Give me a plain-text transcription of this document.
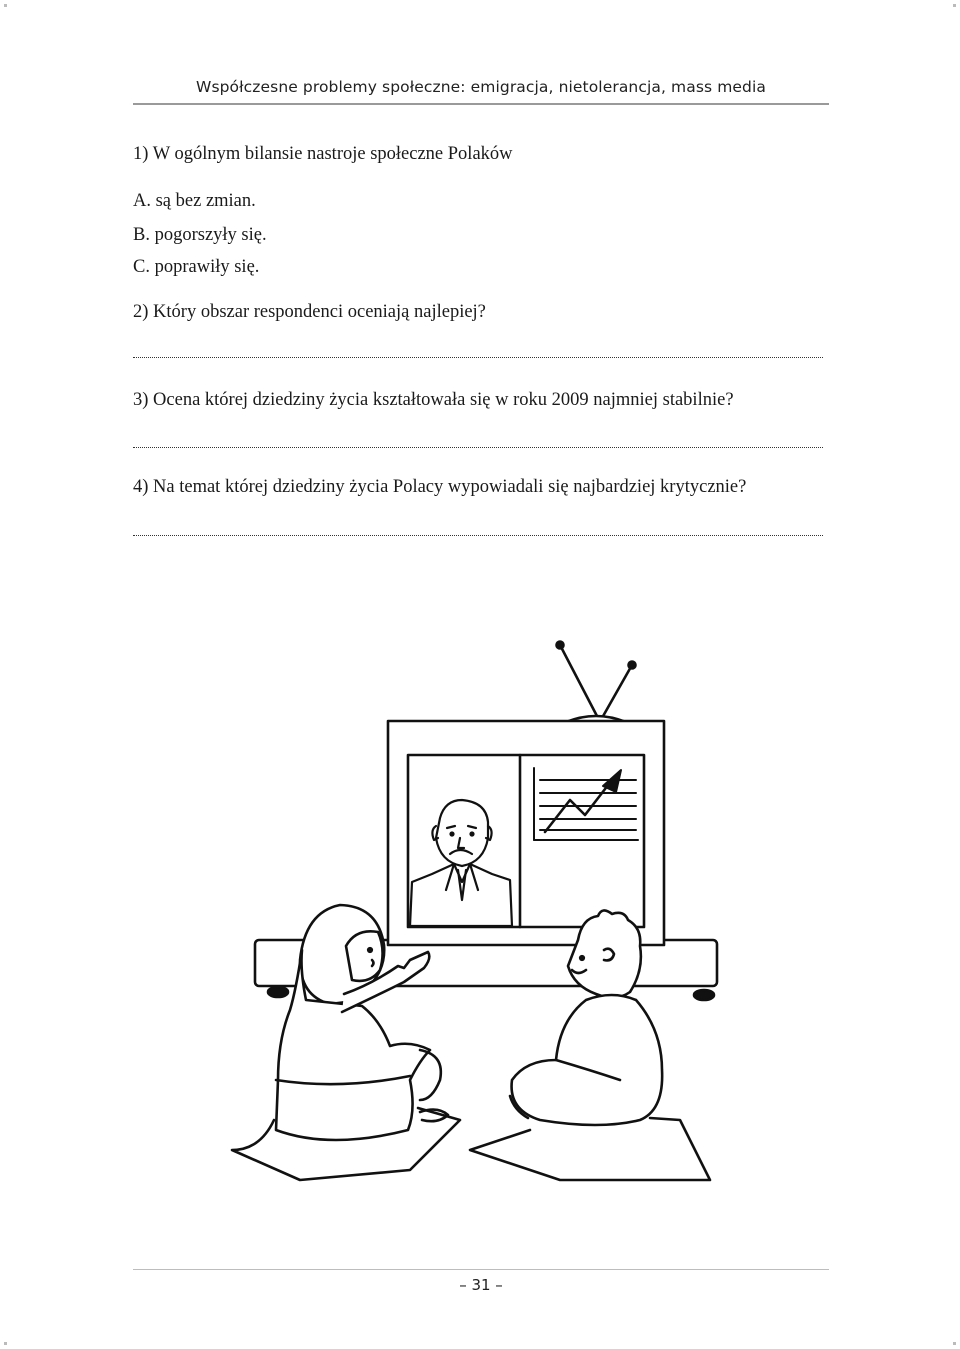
Współczesne problemy społeczne: emigracja, nietolerancja, mass media
1) W ogólnym bilansie nastroje społeczne Polaków
A. są bez zmian.
B. pogorszyły się.
C. poprawiły się.
2) Który obszar respondenci oceniają najlepiej?
3) Ocena której dziedziny życia kształtowała się w roku 2009 najmniej stabilnie?
4) Na temat której dziedziny życia Polacy wypowiadali się najbardziej krytycznie?
– 31 –
